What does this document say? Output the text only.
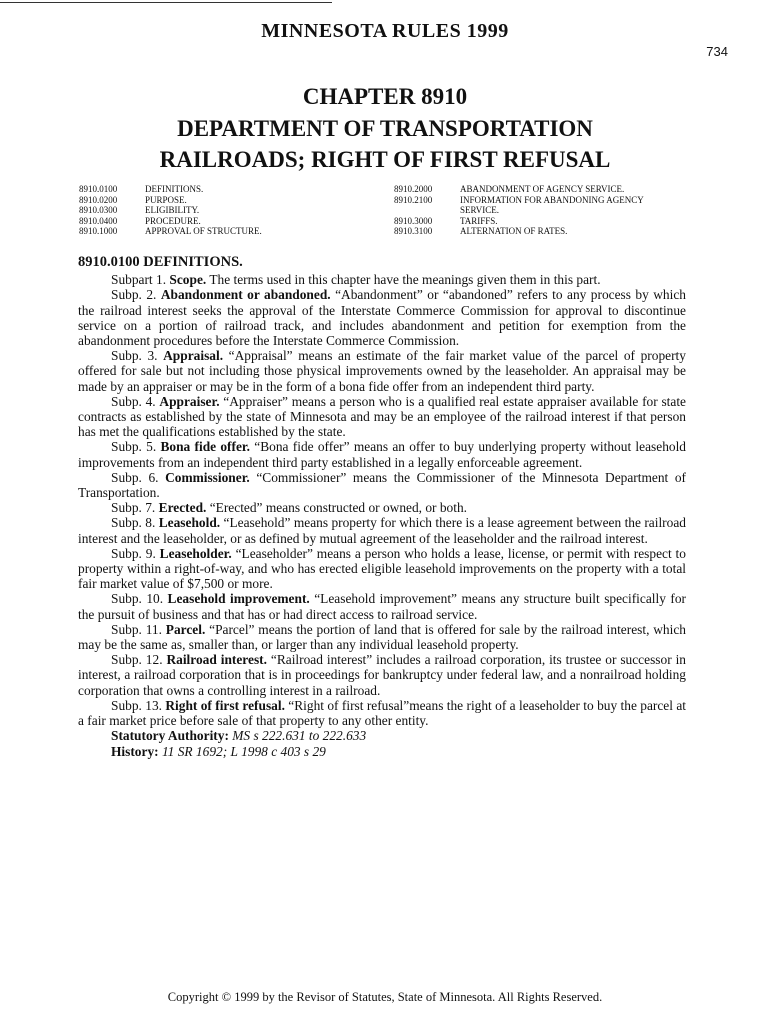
MINNESOTA RULES 1999
734
CHAPTER 8910
DEPARTMENT OF TRANSPORTATION
RAILROADS; RIGHT OF FIRST REFUSAL
8910.0100	DEFINITIONS.
8910.0200	PURPOSE.
8910.0300	ELIGIBILITY.
8910.0400	PROCEDURE.
8910.1000	APPROVAL OF STRUCTURE.
8910.2000	ABANDONMENT OF AGENCY SERVICE.
8910.2100	INFORMATION FOR ABANDONING AGENCY
SERVICE.
8910.3000	TARIFFS.
8910.3100	ALTERNATION OF RATES.
8910.0100 DEFINITIONS.

Subpart 1. Scope. The terms used in this chapter have the meanings given them in this part.

Subp. 2. Abandonment or abandoned. “Abandonment” or “abandoned” refers to any process by which the railroad interest seeks the approval of the Interstate Commerce Commission for approval to discontinue service on a portion of railroad track, and includes abandonment and petition for exemption from the abandonment procedures before the Interstate Commerce Commission.

Subp. 3. Appraisal. “Appraisal” means an estimate of the fair market value of the parcel of property offered for sale but not including those physical improvements owned by the leaseholder. An appraisal may be made by an appraiser or may be in the form of a bona fide offer from an independent third party.

Subp. 4. Appraiser. “Appraiser” means a person who is a qualified real estate appraiser available for state contracts as established by the state of Minnesota and may be an employee of the railroad interest if that person has met the qualifications established by the state.

Subp. 5. Bona fide offer. “Bona fide offer” means an offer to buy underlying property without leasehold improvements from an independent third party established in a legally enforceable agreement.

Subp. 6. Commissioner. “Commissioner” means the Commissioner of the Minnesota Department of Transportation.

Subp. 7. Erected. “Erected” means constructed or owned, or both.

Subp. 8. Leasehold. “Leasehold” means property for which there is a lease agreement between the railroad interest and the leaseholder, or as defined by mutual agreement of the leaseholder and the railroad interest.

Subp. 9. Leaseholder. “Leaseholder” means a person who holds a lease, license, or permit with respect to property within a right-of-way, and who has erected eligible leasehold improvements on the property with a total fair market value of $7,500 or more.

Subp. 10. Leasehold improvement. “Leasehold improvement” means any structure built specifically for the pursuit of business and that has or had direct access to railroad service.

Subp. 11. Parcel. “Parcel” means the portion of land that is offered for sale by the railroad interest, which may be the same as, smaller than, or larger than any individual leasehold property.

Subp. 12. Railroad interest. “Railroad interest” includes a railroad corporation, its trustee or successor in interest, a railroad corporation that is in proceedings for bankruptcy under federal law, and a nonrailroad holding corporation that owns a controlling interest in a railroad.

Subp. 13. Right of first refusal. “Right of first refusal”means the right of a leaseholder to buy the parcel at a fair market price before sale of that property to any other entity.

Statutory Authority: MS s 222.631 to 222.633

History: 11 SR 1692; L 1998 c 403 s 29

Copyright © 1999 by the Revisor of Statutes, State of Minnesota. All Rights Reserved.
